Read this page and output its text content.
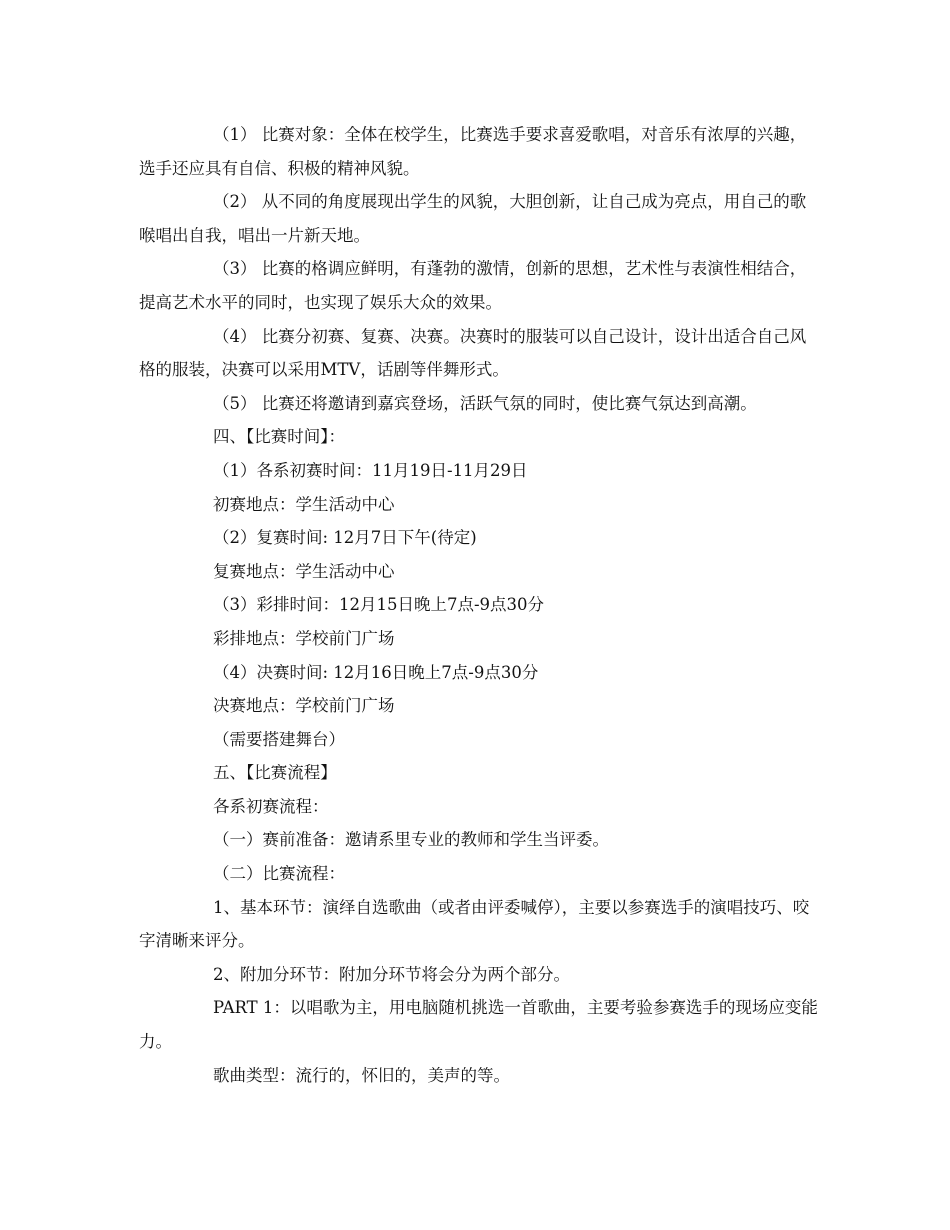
（1） 比赛对象：全体在校学生，比赛选手要求喜爱歌唱，对音乐有浓厚的兴趣，选手还应具有自信、积极的精神风貌。

（2） 从不同的角度展现出学生的风貌，大胆创新，让自己成为亮点，用自己的歌喉唱出自我，唱出一片新天地。

（3） 比赛的格调应鲜明，有蓬勃的激情，创新的思想，艺术性与表演性相结合，提高艺术水平的同时，也实现了娱乐大众的效果。

（4） 比赛分初赛、复赛、决赛。决赛时的服装可以自己设计，设计出适合自己风格的服装，决赛可以采用MTV，话剧等伴舞形式。

（5） 比赛还将邀请到嘉宾登场，活跃气氛的同时，使比赛气氛达到高潮。

四、【比赛时间】：

（1）各系初赛时间：11月19日-11月29日

初赛地点：学生活动中心

（2）复赛时间: 12月7日下午(待定)

复赛地点：学生活动中心

（3）彩排时间：12月15日晚上7点-9点30分

彩排地点：学校前门广场

（4）决赛时间: 12月16日晚上7点-9点30分

决赛地点：学校前门广场

（需要搭建舞台）

五、【比赛流程】

各系初赛流程：

（一）赛前准备：邀请系里专业的教师和学生当评委。

（二）比赛流程：

1、基本环节：演绎自选歌曲（或者由评委喊停），主要以参赛选手的演唱技巧、咬字清晰来评分。

2、附加分环节：附加分环节将会分为两个部分。

PART 1：以唱歌为主，用电脑随机挑选一首歌曲，主要考验参赛选手的现场应变能力。

歌曲类型：流行的，怀旧的，美声的等。
